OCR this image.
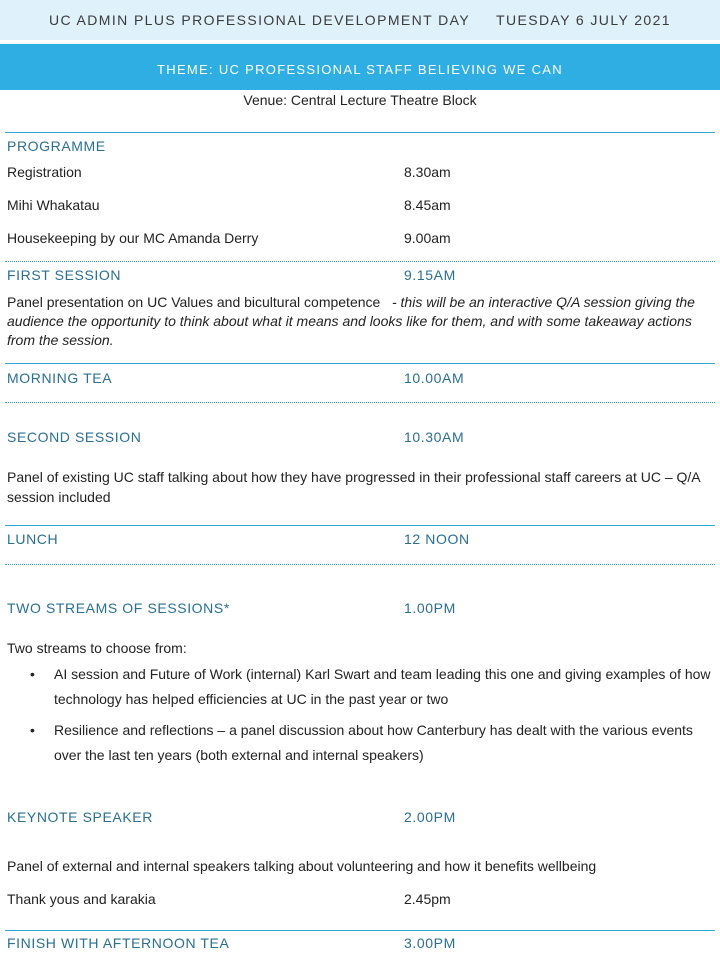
UC ADMIN PLUS PROFESSIONAL DEVELOPMENT DAY     TUESDAY 6 JULY 2021
THEME: UC PROFESSIONAL STAFF BELIEVING WE CAN
Venue: Central Lecture Theatre Block
PROGRAMME
Registration	8.30am
Mihi Whakatau	8.45am
Housekeeping by our MC Amanda Derry	9.00am
FIRST SESSION	9.15AM
Panel presentation on UC Values and bicultural competence - this will be an interactive Q/A session giving the audience the opportunity to think about what it means and looks like for them, and with some takeaway actions from the session.
MORNING TEA	10.00AM
SECOND SESSION	10.30AM
Panel of existing UC staff talking about how they have progressed in their professional staff careers at UC – Q/A session included
LUNCH	12 NOON
TWO STREAMS OF SESSIONS*	1.00PM
Two streams to choose from:
• AI session and Future of Work (internal) Karl Swart and team leading this one and giving examples of how technology has helped efficiencies at UC in the past year or two
• Resilience and reflections – a panel discussion about how Canterbury has dealt with the various events over the last ten years (both external and internal speakers)
KEYNOTE SPEAKER	2.00PM
Panel of external and internal speakers talking about volunteering and how it benefits wellbeing
Thank yous and karakia	2.45pm
FINISH WITH AFTERNOON TEA	3.00PM
